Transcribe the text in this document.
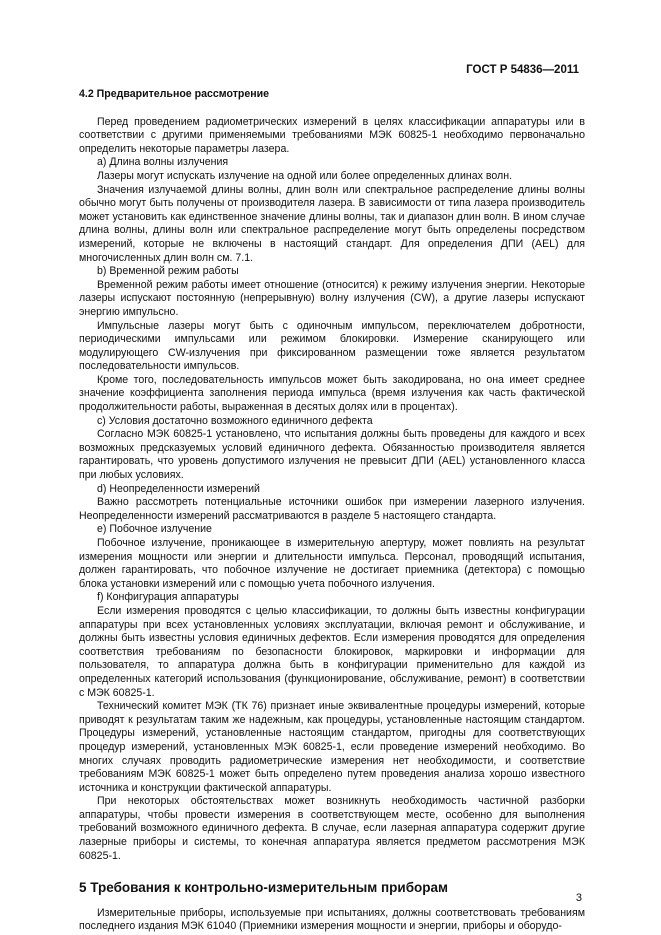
ГОСТ Р 54836—2011

4.2 Предварительное рассмотрение

Перед проведением радиометрических измерений в целях классификации аппаратуры или в соответствии с другими применяемыми требованиями МЭК 60825-1 необходимо первоначально определить некоторые параметры лазера.

а) Длина волны излучения

Лазеры могут испускать излучение на одной или более определенных длинах волн.

Значения излучаемой длины волны, длин волн или спектральное распределение длины волны обычно могут быть получены от производителя лазера. В зависимости от типа лазера производитель может установить как единственное значение длины волны, так и диапазон длин волн. В ином случае длина волны, длины волн или спектральное распределение могут быть определены посредством измерений, которые не включены в настоящий стандарт. Для определения ДПИ (AEL) для многочисленных длин волн см. 7.1.

b) Временной режим работы

Временной режим работы имеет отношение (относится) к режиму излучения энергии. Некоторые лазеры испускают постоянную (непрерывную) волну излучения (CW), а другие лазеры испускают энергию импульсно.

Импульсные лазеры могут быть с одиночным импульсом, переключателем добротности, периодическими импульсами или режимом блокировки. Измерение сканирующего или модулирующего CW-излучения при фиксированном размещении тоже является результатом последовательности импульсов.

Кроме того, последовательность импульсов может быть закодирована, но она имеет среднее значение коэффициента заполнения периода импульса (время излучения как часть фактической продолжительности работы, выраженная в десятых долях или в процентах).

с) Условия достаточно возможного единичного дефекта

Согласно МЭК 60825-1 установлено, что испытания должны быть проведены для каждого и всех возможных предсказуемых условий единичного дефекта. Обязанностью производителя является гарантировать, что уровень допустимого излучения не превысит ДПИ (AEL) установленного класса при любых условиях.

d) Неопределенности измерений

Важно рассмотреть потенциальные источники ошибок при измерении лазерного излучения. Неопределенности измерений рассматриваются в разделе 5 настоящего стандарта.

е) Побочное излучение

Побочное излучение, проникающее в измерительную апертуру, может повлиять на результат измерения мощности или энергии и длительности импульса. Персонал, проводящий испытания, должен гарантировать, что побочное излучение не достигает приемника (детектора) с помощью блока установки измерений или с помощью учета побочного излучения.

f) Конфигурация аппаратуры

Если измерения проводятся с целью классификации, то должны быть известны конфигурации аппаратуры при всех установленных условиях эксплуатации, включая ремонт и обслуживание, и должны быть известны условия единичных дефектов. Если измерения проводятся для определения соответствия требованиям по безопасности блокировок, маркировки и информации для пользователя, то аппаратура должна быть в конфигурации применительно для каждой из определенных категорий использования (функционирование, обслуживание, ремонт) в соответствии с МЭК 60825-1.

Технический комитет МЭК (ТК 76) признает иные эквивалентные процедуры измерений, которые приводят к результатам таким же надежным, как процедуры, установленные настоящим стандартом. Процедуры измерений, установленные настоящим стандартом, пригодны для соответствующих процедур измерений, установленных МЭК 60825-1, если проведение измерений необходимо. Во многих случаях проводить радиометрические измерения нет необходимости, и соответствие требованиям МЭК 60825-1 может быть определено путем проведения анализа хорошо известного источника и конструкции фактической аппаратуры.

При некоторых обстоятельствах может возникнуть необходимость частичной разборки аппаратуры, чтобы провести измерения в соответствующем месте, особенно для выполнения требований возможного единичного дефекта. В случае, если лазерная аппаратура содержит другие лазерные приборы и системы, то конечная аппаратура является предметом рассмотрения МЭК 60825-1.

5 Требования к контрольно-измерительным приборам

Измерительные приборы, используемые при испытаниях, должны соответствовать требованиям последнего издания МЭК 61040 (Приемники измерения мощности и энергии, приборы и оборудо-

3
